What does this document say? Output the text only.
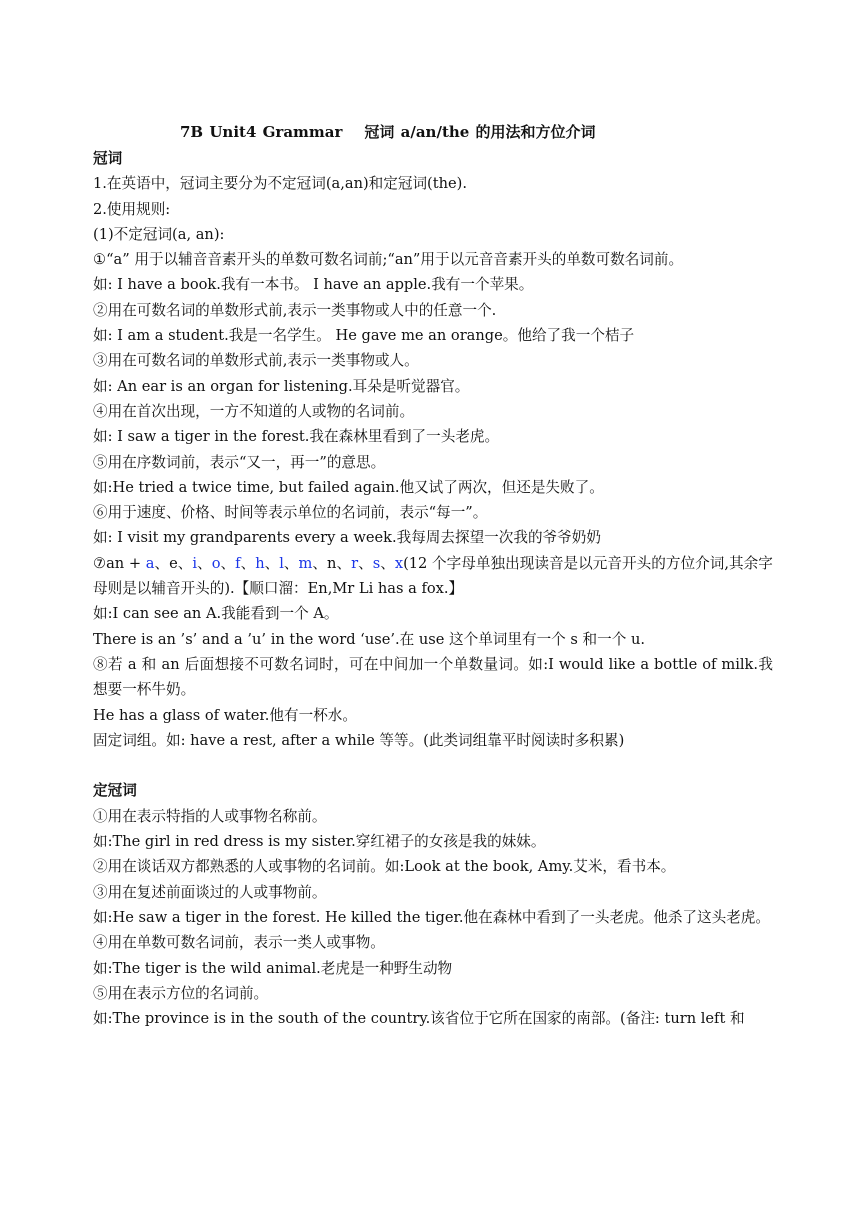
7B Unit4 Grammar 冠词 a/an/the 的用法和方位介词

冠词

1.在英语中，冠词主要分为不定冠词(a,an)和定冠词(the).

2.使用规则:

(1)不定冠词(a, an):

①“a” 用于以辅音音素开头的单数可数名词前;“an”用于以元音音素开头的单数可数名词前。

如: I have a book.我有一本书。 I have an apple.我有一个苹果。

②用在可数名词的单数形式前,表示一类事物或人中的任意一个.

如: I am a student.我是一名学生。 He gave me an orange。他给了我一个桔子

③用在可数名词的单数形式前,表示一类事物或人。

如: An ear is an organ for listening.耳朵是听觉器官。

④用在首次出现，一方不知道的人或物的名词前。

如: I saw a tiger in the forest.我在森林里看到了一头老虎。

⑤用在序数词前，表示“又一，再一”的意思。

如:He tried a twice time, but failed again.他又试了两次，但还是失败了。

⑥用于速度、价格、时间等表示单位的名词前，表示“每一”。

如: I visit my grandparents every a week.我每周去探望一次我的爷爷奶奶

⑦an + a、e、i、o、f、h、l、m、n、r、s、x(12 个字母单独出现读音是以元音开头的方位介词,其余字母则是以辅音开头的).【顺口溜：En,Mr Li has a fox.】

如:I can see an A.我能看到一个 A。

There is an ’s’ and a ’u’ in the word ‘use’.在 use 这个单词里有一个 s 和一个 u.

⑧若 a 和 an 后面想接不可数名词时，可在中间加一个单数量词。如:I would like a bottle of milk.我想要一杯牛奶。

He has a glass of water.他有一杯水。

固定词组。如: have a rest, after a while 等等。(此类词组靠平时阅读时多积累)

定冠词

①用在表示特指的人或事物名称前。

如:The girl in red dress is my sister.穿红裙子的女孩是我的妹妹。

②用在谈话双方都熟悉的人或事物的名词前。如:Look at the book, Amy.艾米，看书本。

③用在复述前面谈过的人或事物前。

如:He saw a tiger in the forest. He killed the tiger.他在森林中看到了一头老虎。他杀了这头老虎。

④用在单数可数名词前，表示一类人或事物。

如:The tiger is the wild animal.老虎是一种野生动物

⑤用在表示方位的名词前。

如:The province is in the south of the country.该省位于它所在国家的南部。(备注: turn left 和
